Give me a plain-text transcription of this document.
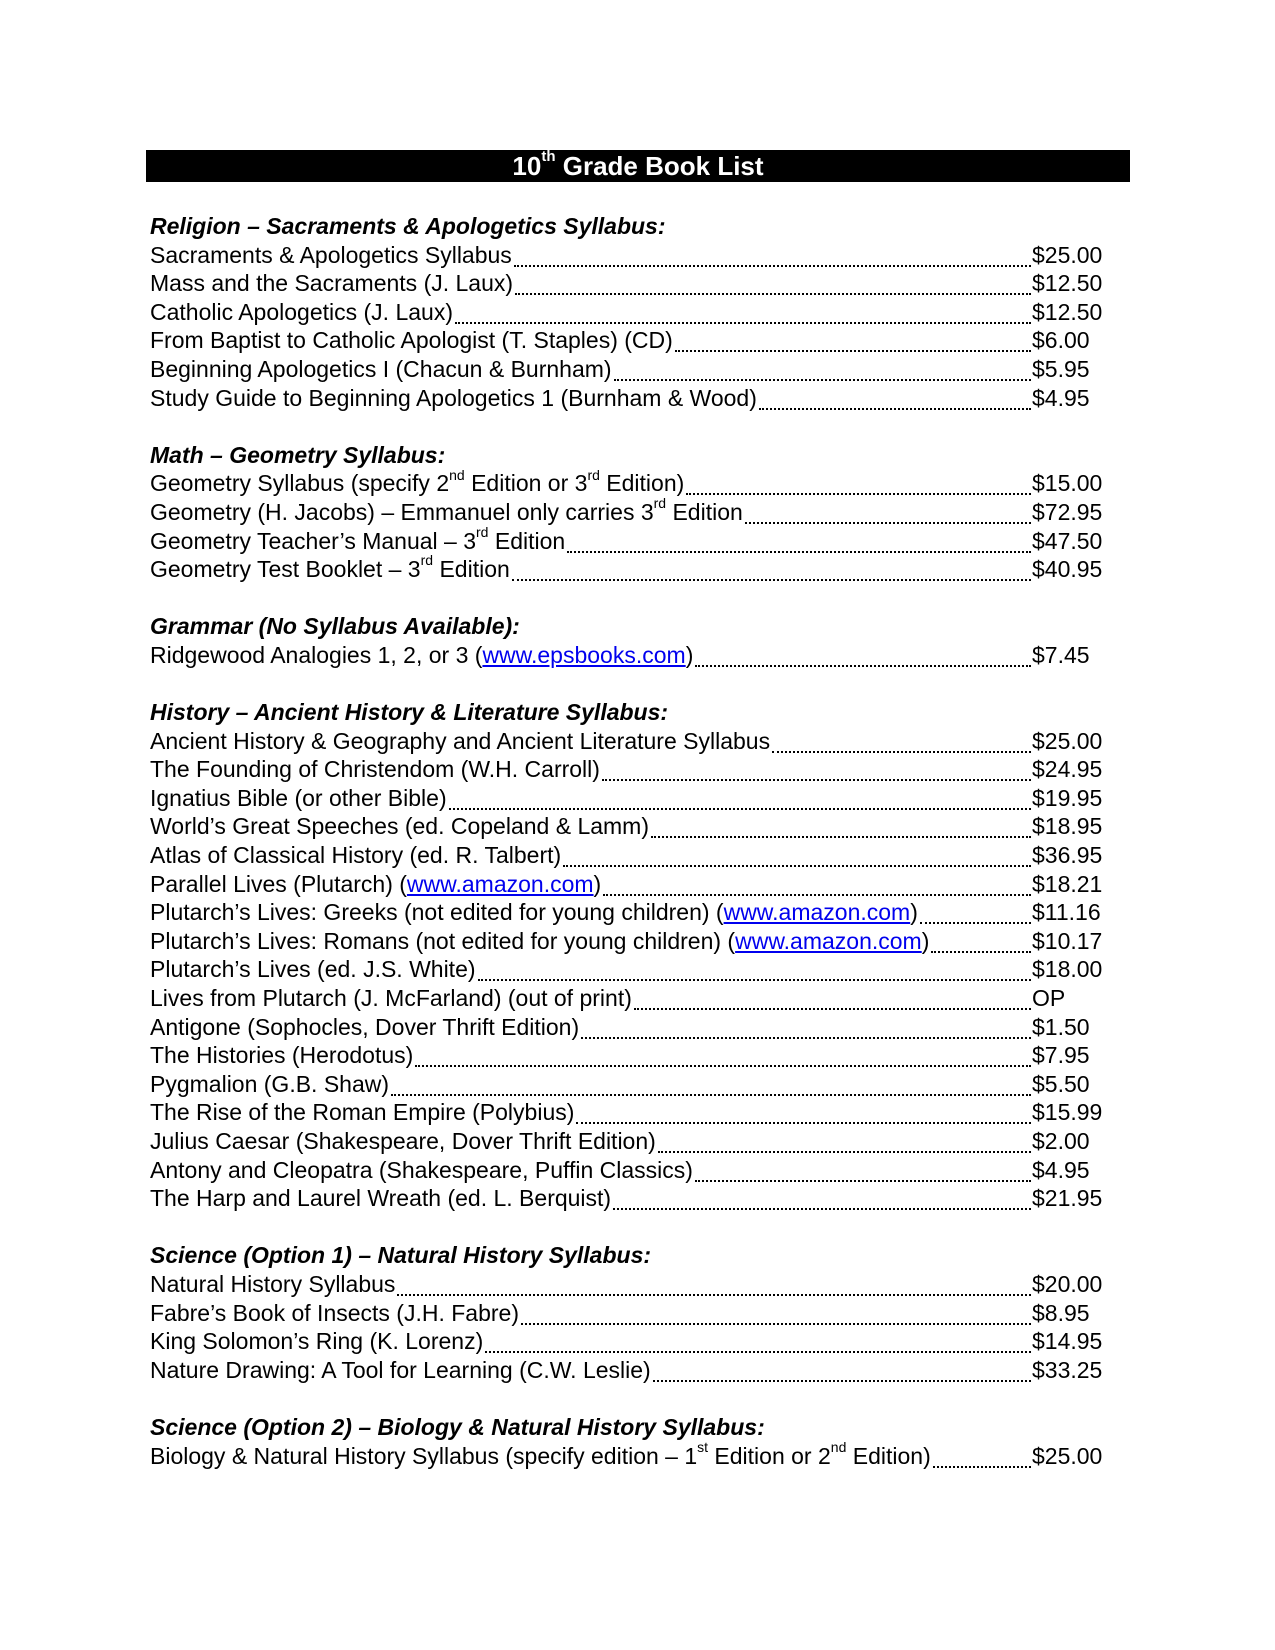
10th Grade Book List
Religion – Sacraments & Apologetics Syllabus:
Sacraments & Apologetics Syllabus	$25.00
Mass and the Sacraments (J. Laux)	$12.50
Catholic Apologetics (J. Laux)	$12.50
From Baptist to Catholic Apologist (T. Staples) (CD)	$6.00
Beginning Apologetics I (Chacun & Burnham)	$5.95
Study Guide to Beginning Apologetics 1 (Burnham & Wood)	$4.95
Math – Geometry Syllabus:
Geometry Syllabus (specify 2nd Edition or 3rd Edition)	$15.00
Geometry (H. Jacobs) – Emmanuel only carries 3rd Edition	$72.95
Geometry Teacher’s Manual – 3rd Edition	$47.50
Geometry Test Booklet – 3rd Edition	$40.95
Grammar (No Syllabus Available):
Ridgewood Analogies 1, 2, or 3 (www.epsbooks.com)	$7.45
History – Ancient History & Literature Syllabus:
Ancient History & Geography and Ancient Literature Syllabus	$25.00
The Founding of Christendom (W.H. Carroll)	$24.95
Ignatius Bible (or other Bible)	$19.95
World’s Great Speeches (ed. Copeland & Lamm)	$18.95
Atlas of Classical History (ed. R. Talbert)	$36.95
Parallel Lives (Plutarch) (www.amazon.com)	$18.21
Plutarch’s Lives: Greeks (not edited for young children) (www.amazon.com)	$11.16
Plutarch’s Lives: Romans (not edited for young children) (www.amazon.com)	$10.17
Plutarch’s Lives (ed. J.S. White)	$18.00
Lives from Plutarch (J. McFarland) (out of print)	OP
Antigone (Sophocles, Dover Thrift Edition)	$1.50
The Histories (Herodotus)	$7.95
Pygmalion (G.B. Shaw)	$5.50
The Rise of the Roman Empire (Polybius)	$15.99
Julius Caesar (Shakespeare, Dover Thrift Edition)	$2.00
Antony and Cleopatra (Shakespeare, Puffin Classics)	$4.95
The Harp and Laurel Wreath (ed. L. Berquist)	$21.95
Science (Option 1) – Natural History Syllabus:
Natural History Syllabus	$20.00
Fabre’s Book of Insects (J.H. Fabre)	$8.95
King Solomon’s Ring (K. Lorenz)	$14.95
Nature Drawing: A Tool for Learning (C.W. Leslie)	$33.25
Science (Option 2) – Biology & Natural History Syllabus:
Biology & Natural History Syllabus (specify edition – 1st Edition or 2nd Edition)	$25.00
